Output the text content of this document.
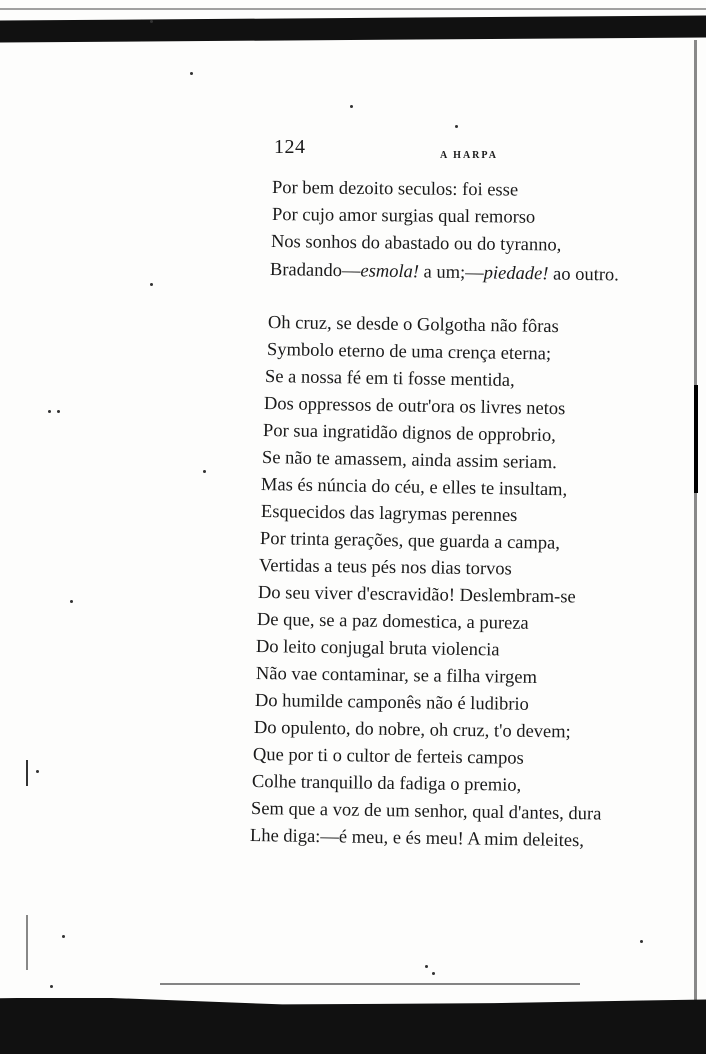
124	A HARPA
Por bem dezoito seculos: foi esse
Por cujo amor surgias qual remorso
Nos sonhos do abastado ou do tyranno,
Bradando—esmola! a um;—piedade! ao outro.
Oh cruz, se desde o Golgotha não fôras
Symbolo eterno de uma crença eterna;
Se a nossa fé em ti fosse mentida,
Dos oppressos de outr'ora os livres netos
Por sua ingratidão dignos de opprobrio,
Se não te amassem, ainda assim seriam.
Mas és núncia do céu, e elles te insultam,
Esquecidos das lagrymas perennes
Por trinta gerações, que guarda a campa,
Vertidas a teus pés nos dias torvos
Do seu viver d'escravidão! Deslembram-se
De que, se a paz domestica, a pureza
Do leito conjugal bruta violencia
Não vae contaminar, se a filha virgem
Do humilde camponês não é ludibrio
Do opulento, do nobre, oh cruz, t'o devem;
Que por ti o cultor de ferteis campos
Colhe tranquillo da fadiga o premio,
Sem que a voz de um senhor, qual d'antes, dura
Lhe diga:—é meu, e és meu! A mim deleites,
